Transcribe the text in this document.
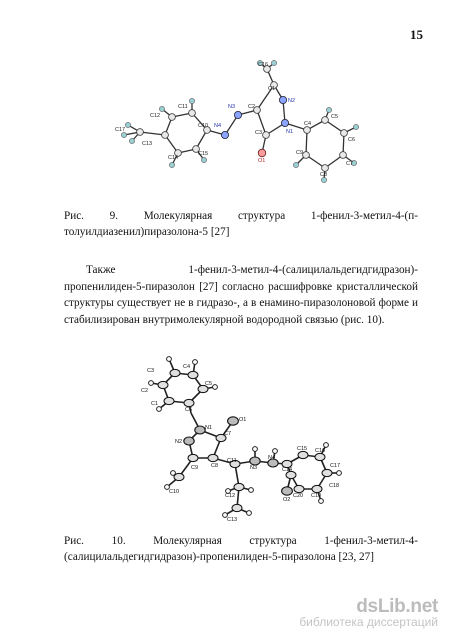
15
C16
C1
N2
N3 C2
C11
C12
N4
C10
C17
C13
C15
C14
C3	N1
C4
C5
C6
C9
O1
C8
C7
Рис. 9. Молекулярная структура 1-фенил-3-метил-4-(п-толуилдиазенил)пиразолона-5 [27]
Также 1-фенил-3-метил-4-(салицилальдегидгидразон)-пропенилиден-5-пиразолон [27] согласно расшифровке кристаллической структуры существует не в гидразо-, а в енамино-пиразолоновой форме и стабилизирован внутримолекулярной водородной связью (рис. 10).
C4
C3
C5
C2
C6
C1
N1
O1
C7
N2
C8
C9
C10
C11
N3
N4
C14
C15 C16
C17
C12
C13
O2
C20 C19
C18
Рис. 10. Молекулярная структура 1-фенил-3-метил-4-(салицилальдегидгидразон)-пропенилиден-5-пиразолона [23, 27]
dsLib.net
библиотека диссертаций
